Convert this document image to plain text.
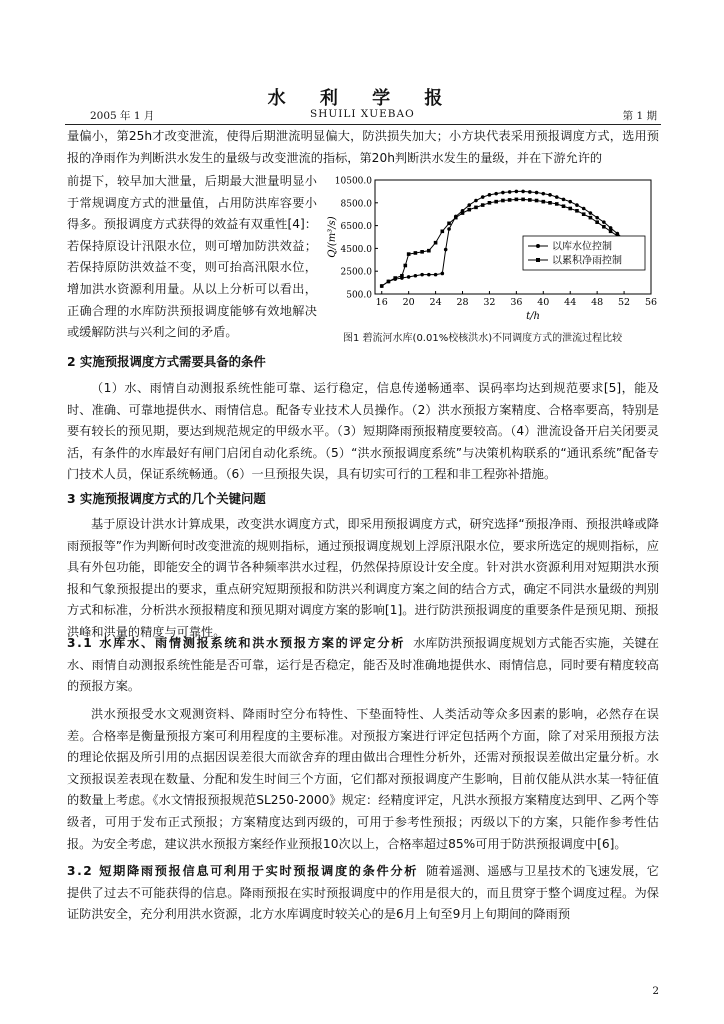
水 利 学 报
2005 年 1 月	SHUILI XUEBAO	第 1 期
量偏小，第25h才改变泄流，使得后期泄流明显偏大，防洪损失加大；小方块代表采用预报调度方式，选用预报的净雨作为判断洪水发生的量级与改变泄流的指标，第20h判断洪水发生的量级，并在下游允许的
前提下，较早加大泄量，后期最大泄量明显小于常规调度方式的泄量值，占用防洪库容要小得多。预报调度方式获得的效益有双重性[4]：若保持原设计汛限水位，则可增加防洪效益；若保持原防洪效益不变，则可抬高汛限水位，增加洪水资源利用量。从以上分析可以看出，正确合理的水库防洪预报调度能够有效地解决或缓解防洪与兴利之间的矛盾。
500.0
2500.0
4500.0
6500.0
8500.0
10500.0
16 20 24 28 32 36 40 44 48 52 56
以库水位控制
以累积净雨控制
Q/(m³/s)
t/h
图1 碧流河水库(0.01%校核洪水)不同调度方式的泄流过程比较
2 实施预报调度方式需要具备的条件
（1）水、雨情自动测报系统性能可靠、运行稳定，信息传递畅通率、误码率均达到规范要求[5]，能及时、准确、可靠地提供水、雨情信息。配备专业技术人员操作。（2）洪水预报方案精度、合格率要高，特别是要有较长的预见期，要达到规范规定的甲级水平。（3）短期降雨预报精度要较高。（4）泄流设备开启关闭要灵活，有条件的水库最好有闸门启闭自动化系统。（5）“洪水预报调度系统”与决策机构联系的“通讯系统”配备专门技术人员，保证系统畅通。（6）一旦预报失误，具有切实可行的工程和非工程弥补措施。
3 实施预报调度方式的几个关键问题
基于原设计洪水计算成果，改变洪水调度方式，即采用预报调度方式，研究选择“预报净雨、预报洪峰或降雨预报等”作为判断何时改变泄流的规则指标，通过预报调度规划上浮原汛限水位，要求所选定的规则指标，应具有外包功能，即能安全的调节各种频率洪水过程，仍然保持原设计安全度。针对洪水资源利用对短期洪水预报和气象预报提出的要求，重点研究短期预报和防洪兴利调度方案之间的结合方式，确定不同洪水量级的判别方式和标准，分析洪水预报精度和预见期对调度方案的影响[1]。进行防洪预报调度的重要条件是预见期、预报洪峰和洪量的精度与可靠性。
3.1 水库水、雨情测报系统和洪水预报方案的评定分析 水库防洪预报调度规划方式能否实施，关键在水、雨情自动测报系统性能是否可靠，运行是否稳定，能否及时准确地提供水、雨情信息，同时要有精度较高的预报方案。
洪水预报受水文观测资料、降雨时空分布特性、下垫面特性、人类活动等众多因素的影响，必然存在误差。合格率是衡量预报方案可利用程度的主要标准。对预报方案进行评定包括两个方面，除了对采用预报方法的理论依据及所引用的点据因误差很大而欲舍弃的理由做出合理性分析外，还需对预报误差做出定量分析。水文预报误差表现在数量、分配和发生时间三个方面，它们都对预报调度产生影响，目前仅能从洪水某一特征值的数量上考虑。《水文情报预报规范SL250-2000》规定：经精度评定，凡洪水预报方案精度达到甲、乙两个等级者，可用于发布正式预报；方案精度达到丙级的，可用于参考性预报；丙级以下的方案，只能作参考性估报。为安全考虑，建议洪水预报方案经作业预报10次以上，合格率超过85%可用于防洪预报调度中[6]。
3.2 短期降雨预报信息可利用于实时预报调度的条件分析 随着遥测、遥感与卫星技术的飞速发展，它提供了过去不可能获得的信息。降雨预报在实时预报调度中的作用是很大的，而且贯穿于整个调度过程。为保证防洪安全，充分利用洪水资源，北方水库调度时较关心的是6月上旬至9月上旬期间的降雨预
2
